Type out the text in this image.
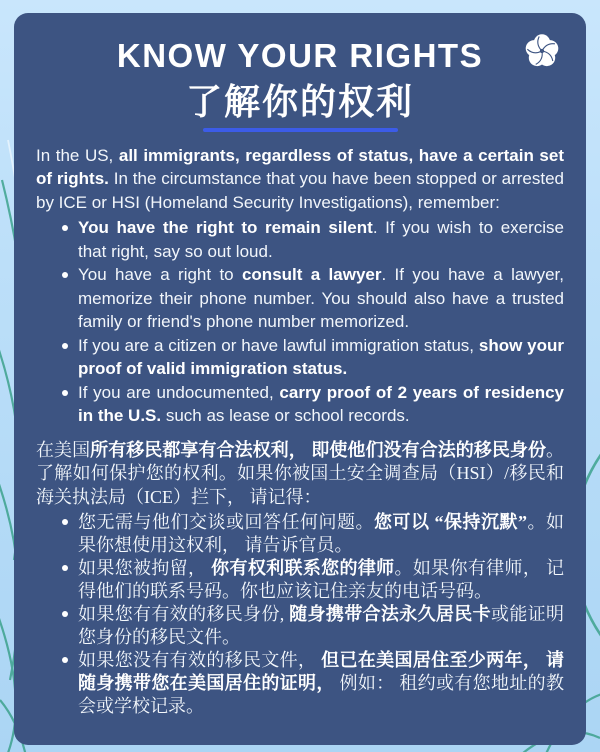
KNOW YOUR RIGHTS
了解你的权利

In the US, all immigrants, regardless of status, have a certain set of rights. In the circumstance that you have been stopped or arrested by ICE or HSI (Homeland Security Investigations), remember:

You have the right to remain silent. If you wish to exercise that right, say so out loud.
You have a right to consult a lawyer. If you have a lawyer, memorize their phone number. You should also have a trusted family or friend's phone number memorized.
If you are a citizen or have lawful immigration status, show your proof of valid immigration status.
If you are undocumented, carry proof of 2 years of residency in the U.S. such as lease or school records.

在美国所有移民都享有合法权利， 即使他们没有合法的移民身份。了解如何保护您的权利。如果你被国土安全调查局（HSI）/移民和海关执法局（ICE）拦下， 请记得：

您无需与他们交谈或回答任何问题。您可以 “保持沉默”。如果你想使用这权利， 请告诉官员。
如果您被拘留， 你有权利联系您的律师。如果你有律师， 记得他们的联系号码。你也应该记住亲友的电话号码。
如果您有有效的移民身份, 随身携带合法永久居民卡或能证明您身份的移民文件。
如果您没有有效的移民文件， 但已在美国居住至少两年， 请随身携带您在美国居住的证明， 例如： 租约或有您地址的教会或学校记录。
